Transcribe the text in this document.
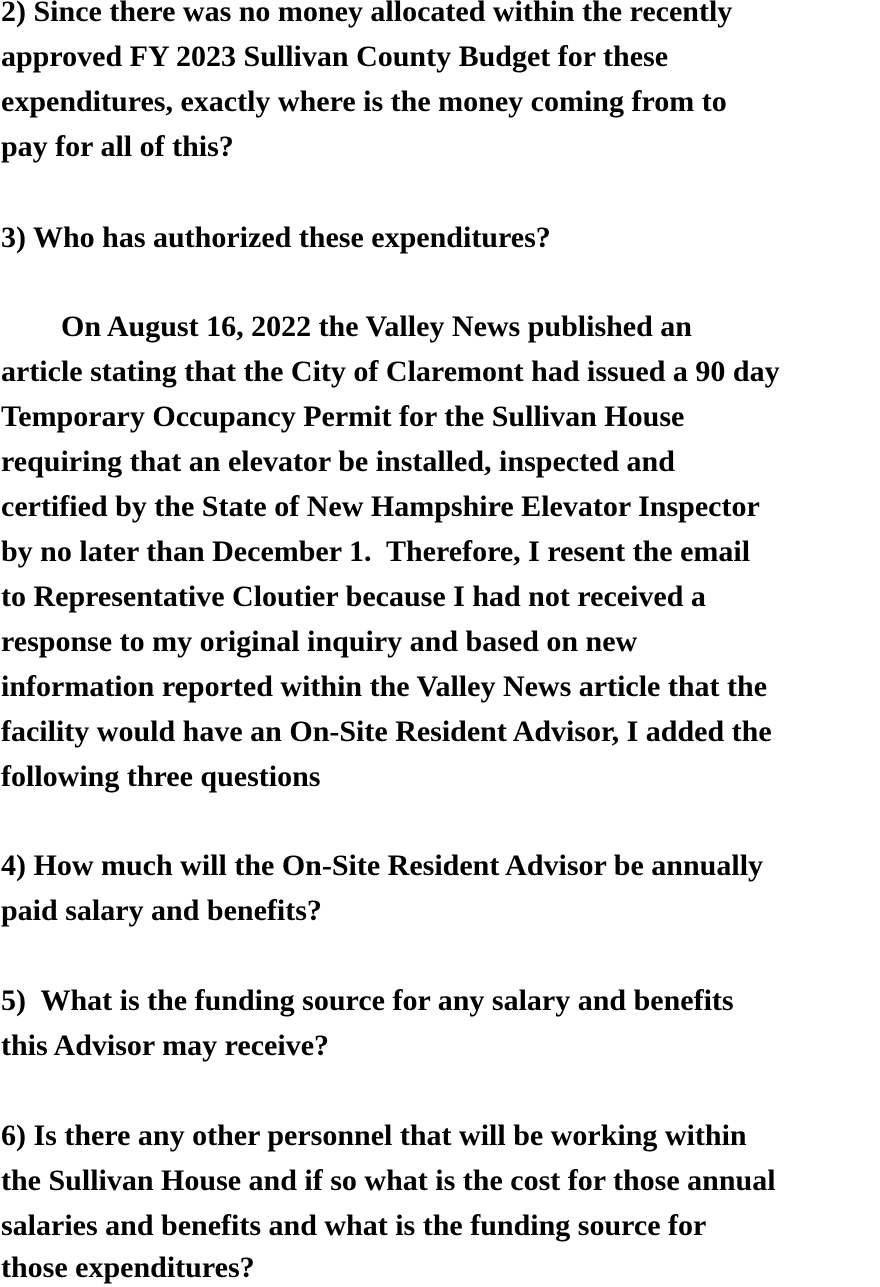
2) Since there was no money allocated within the recently
approved FY 2023 Sullivan County Budget for these
expenditures, exactly where is the money coming from to
pay for all of this?
3) Who has authorized these expenditures?
On August 16, 2022 the Valley News published an
article stating that the City of Claremont had issued a 90 day
Temporary Occupancy Permit for the Sullivan House
requiring that an elevator be installed, inspected and
certified by the State of New Hampshire Elevator Inspector
by no later than December 1.  Therefore, I resent the email
to Representative Cloutier because I had not received a
response to my original inquiry and based on new
information reported within the Valley News article that the
facility would have an On-Site Resident Advisor, I added the
following three questions
4) How much will the On-Site Resident Advisor be annually
paid salary and benefits?
5)  What is the funding source for any salary and benefits
this Advisor may receive?
6) Is there any other personnel that will be working within
the Sullivan House and if so what is the cost for those annual
salaries and benefits and what is the funding source for
those expenditures?
